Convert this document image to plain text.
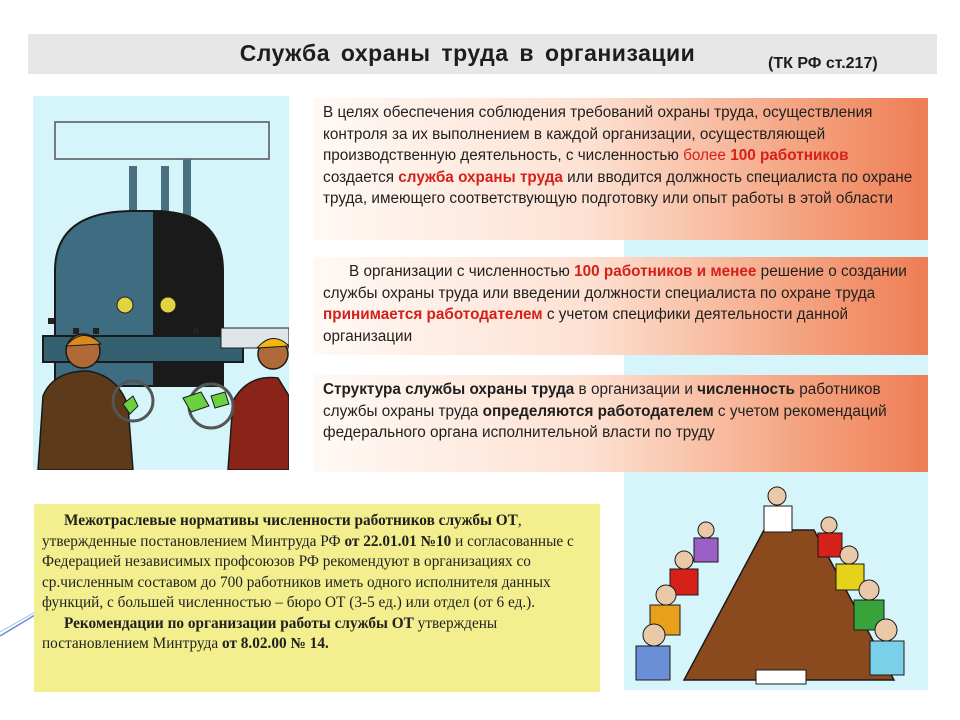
Служба охраны труда в организации	(ТК РФ ст.217)

В целях обеспечения соблюдения требований охраны труда, осуществления контроля за их выполнением в каждой организации, осуществляющей производственную деятельность, с численностью более 100 работников создается служба охраны труда или вводится должность специалиста по охране труда, имеющего соответствующую подготовку или опыт работы в этой области

В организации с численностью 100 работников и менее решение о создании службы охраны труда или введении должности специалиста по охране труда принимается работодателем с учетом специфики деятельности данной организации

Структура службы охраны труда в организации и численность работников службы охраны труда определяются работодателем с учетом рекомендаций федерального органа исполнительной власти по труду

Межотраслевые нормативы численности работников службы ОТ, утвержденные постановлением Минтруда РФ от 22.01.01 №10 и согласованные с Федерацией независимых профсоюзов РФ рекомендуют в организациях со ср.численным составом до 700 работников иметь одного исполнителя данных функций, с большей численностью – бюро ОТ (3-5 ед.) или отдел (от 6 ед.).

Рекомендации по организации работы службы ОТ утверждены постановлением Минтруда от 8.02.00 № 14.
